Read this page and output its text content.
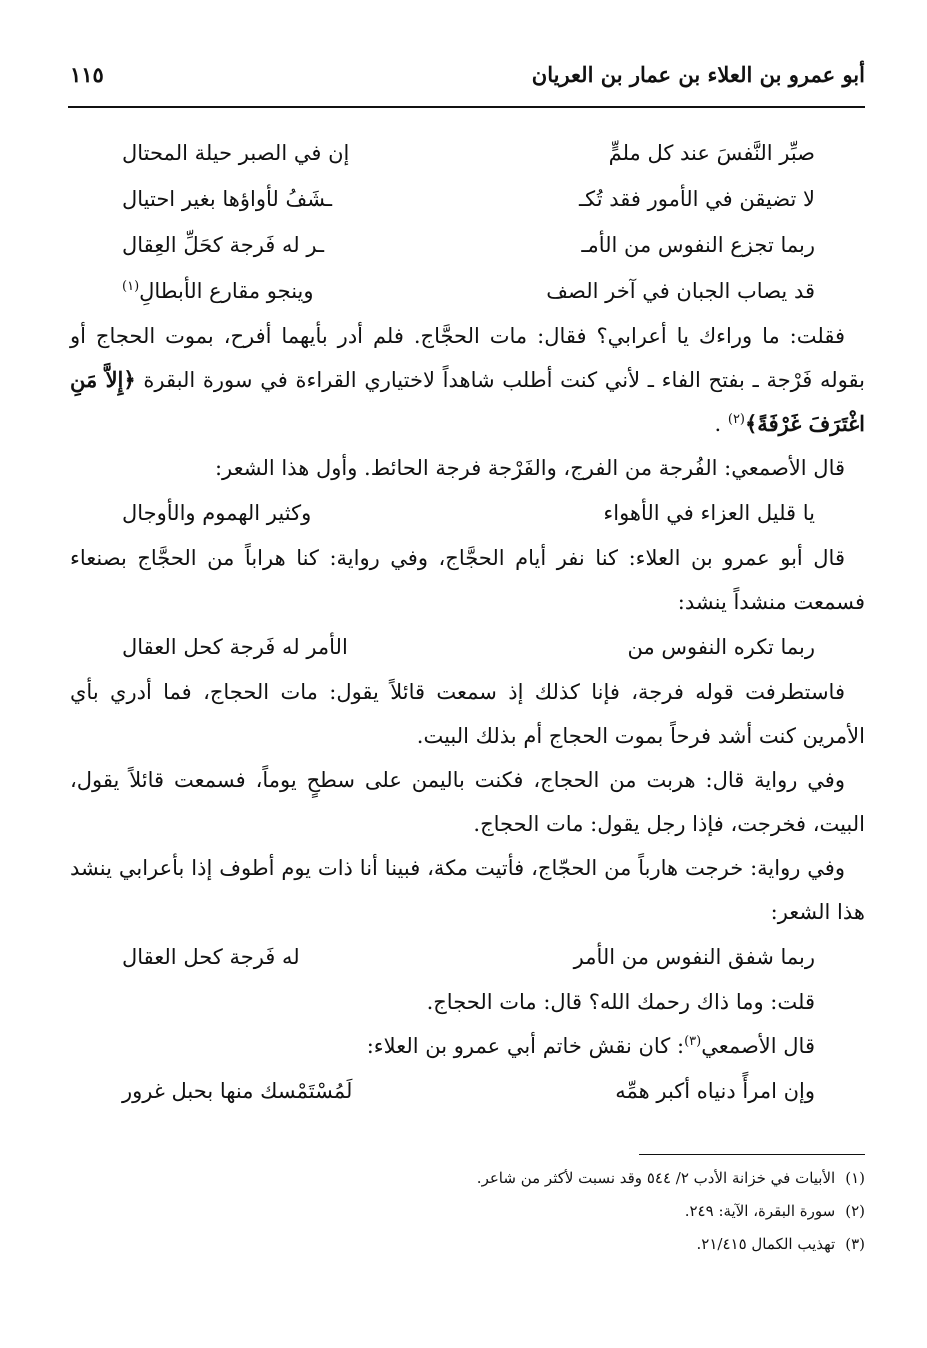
أبو عمرو بن العلاء بن عمار بن العريان
١١٥
صبِّر النَّفسَ عند كل ملمٍّ
إن في الصبر حيلة المحتال
لا تضيقن في الأمور فقد تُكـ
ـشَفُ لأواؤها بغير احتيال
ربما تجزع النفوس من الأمـ
ـر له فَرجة كحَلِّ العِقال
قد يصاب الجبان في آخر الصف
وينجو مقارع الأبطالِ$^{(١)}$

فقلت: ما وراءك يا أعرابي؟ فقال: مات الحجَّاج. فلم أدر بأيهما أفرح، بموت الحجاج أو بقوله فَرْجة ـ بفتح الفاء ـ لأني كنت أطلب شاهداً لاختياري القراءة في سورة البقرة ﴿إِلاَّ مَنِ اغْتَرَفَ غَرْفَةً﴾$^{(٢)}$ .

قال الأصمعي: الفُرجة من الفرج، والفَرْجة فرجة الحائط. وأول هذا الشعر:

يا قليل العزاء في الأهواء
وكثير الهموم والأوجال

قال أبو عمرو بن العلاء: كنا نفر أيام الحجَّاج، وفي رواية: كنا هراباً من الحجَّاج بصنعاء فسمعت منشداً ينشد:

ربما تكره النفوس من
الأمر له فَرجة كحل العقال

فاستطرفت قوله فرجة، فإنا كذلك إذ سمعت قائلاً يقول: مات الحجاج، فما أدري بأي الأمرين كنت أشد فرحاً بموت الحجاج أم بذلك البيت.

وفي رواية قال: هربت من الحجاج، فكنت باليمن على سطحٍ يوماً، فسمعت قائلاً يقول، البيت، فخرجت، فإذا رجل يقول: مات الحجاج.

وفي رواية: خرجت هارباً من الحجّاج، فأتيت مكة، فبينا أنا ذات يوم أطوف إذا بأعرابي ينشد هذا الشعر:

ربما شفق النفوس من الأمر
له فَرجة كحل العقال

قلت: وما ذاك رحمك الله؟ قال: مات الحجاج.

قال الأصمعي$^{(٣)}$: كان نقش خاتم أبي عمرو بن العلاء:

وإن امرأً دنياه أكبر همِّه
لَمُسْتَمْسك منها بحبل غرور
(١)الأبيات في خزانة الأدب ٢/ ٥٤٤ وقد نسبت لأكثر من شاعر.
(٢)سورة البقرة، الآية: ٢٤٩.
(٣)تهذيب الكمال ٢١/٤١٥.
